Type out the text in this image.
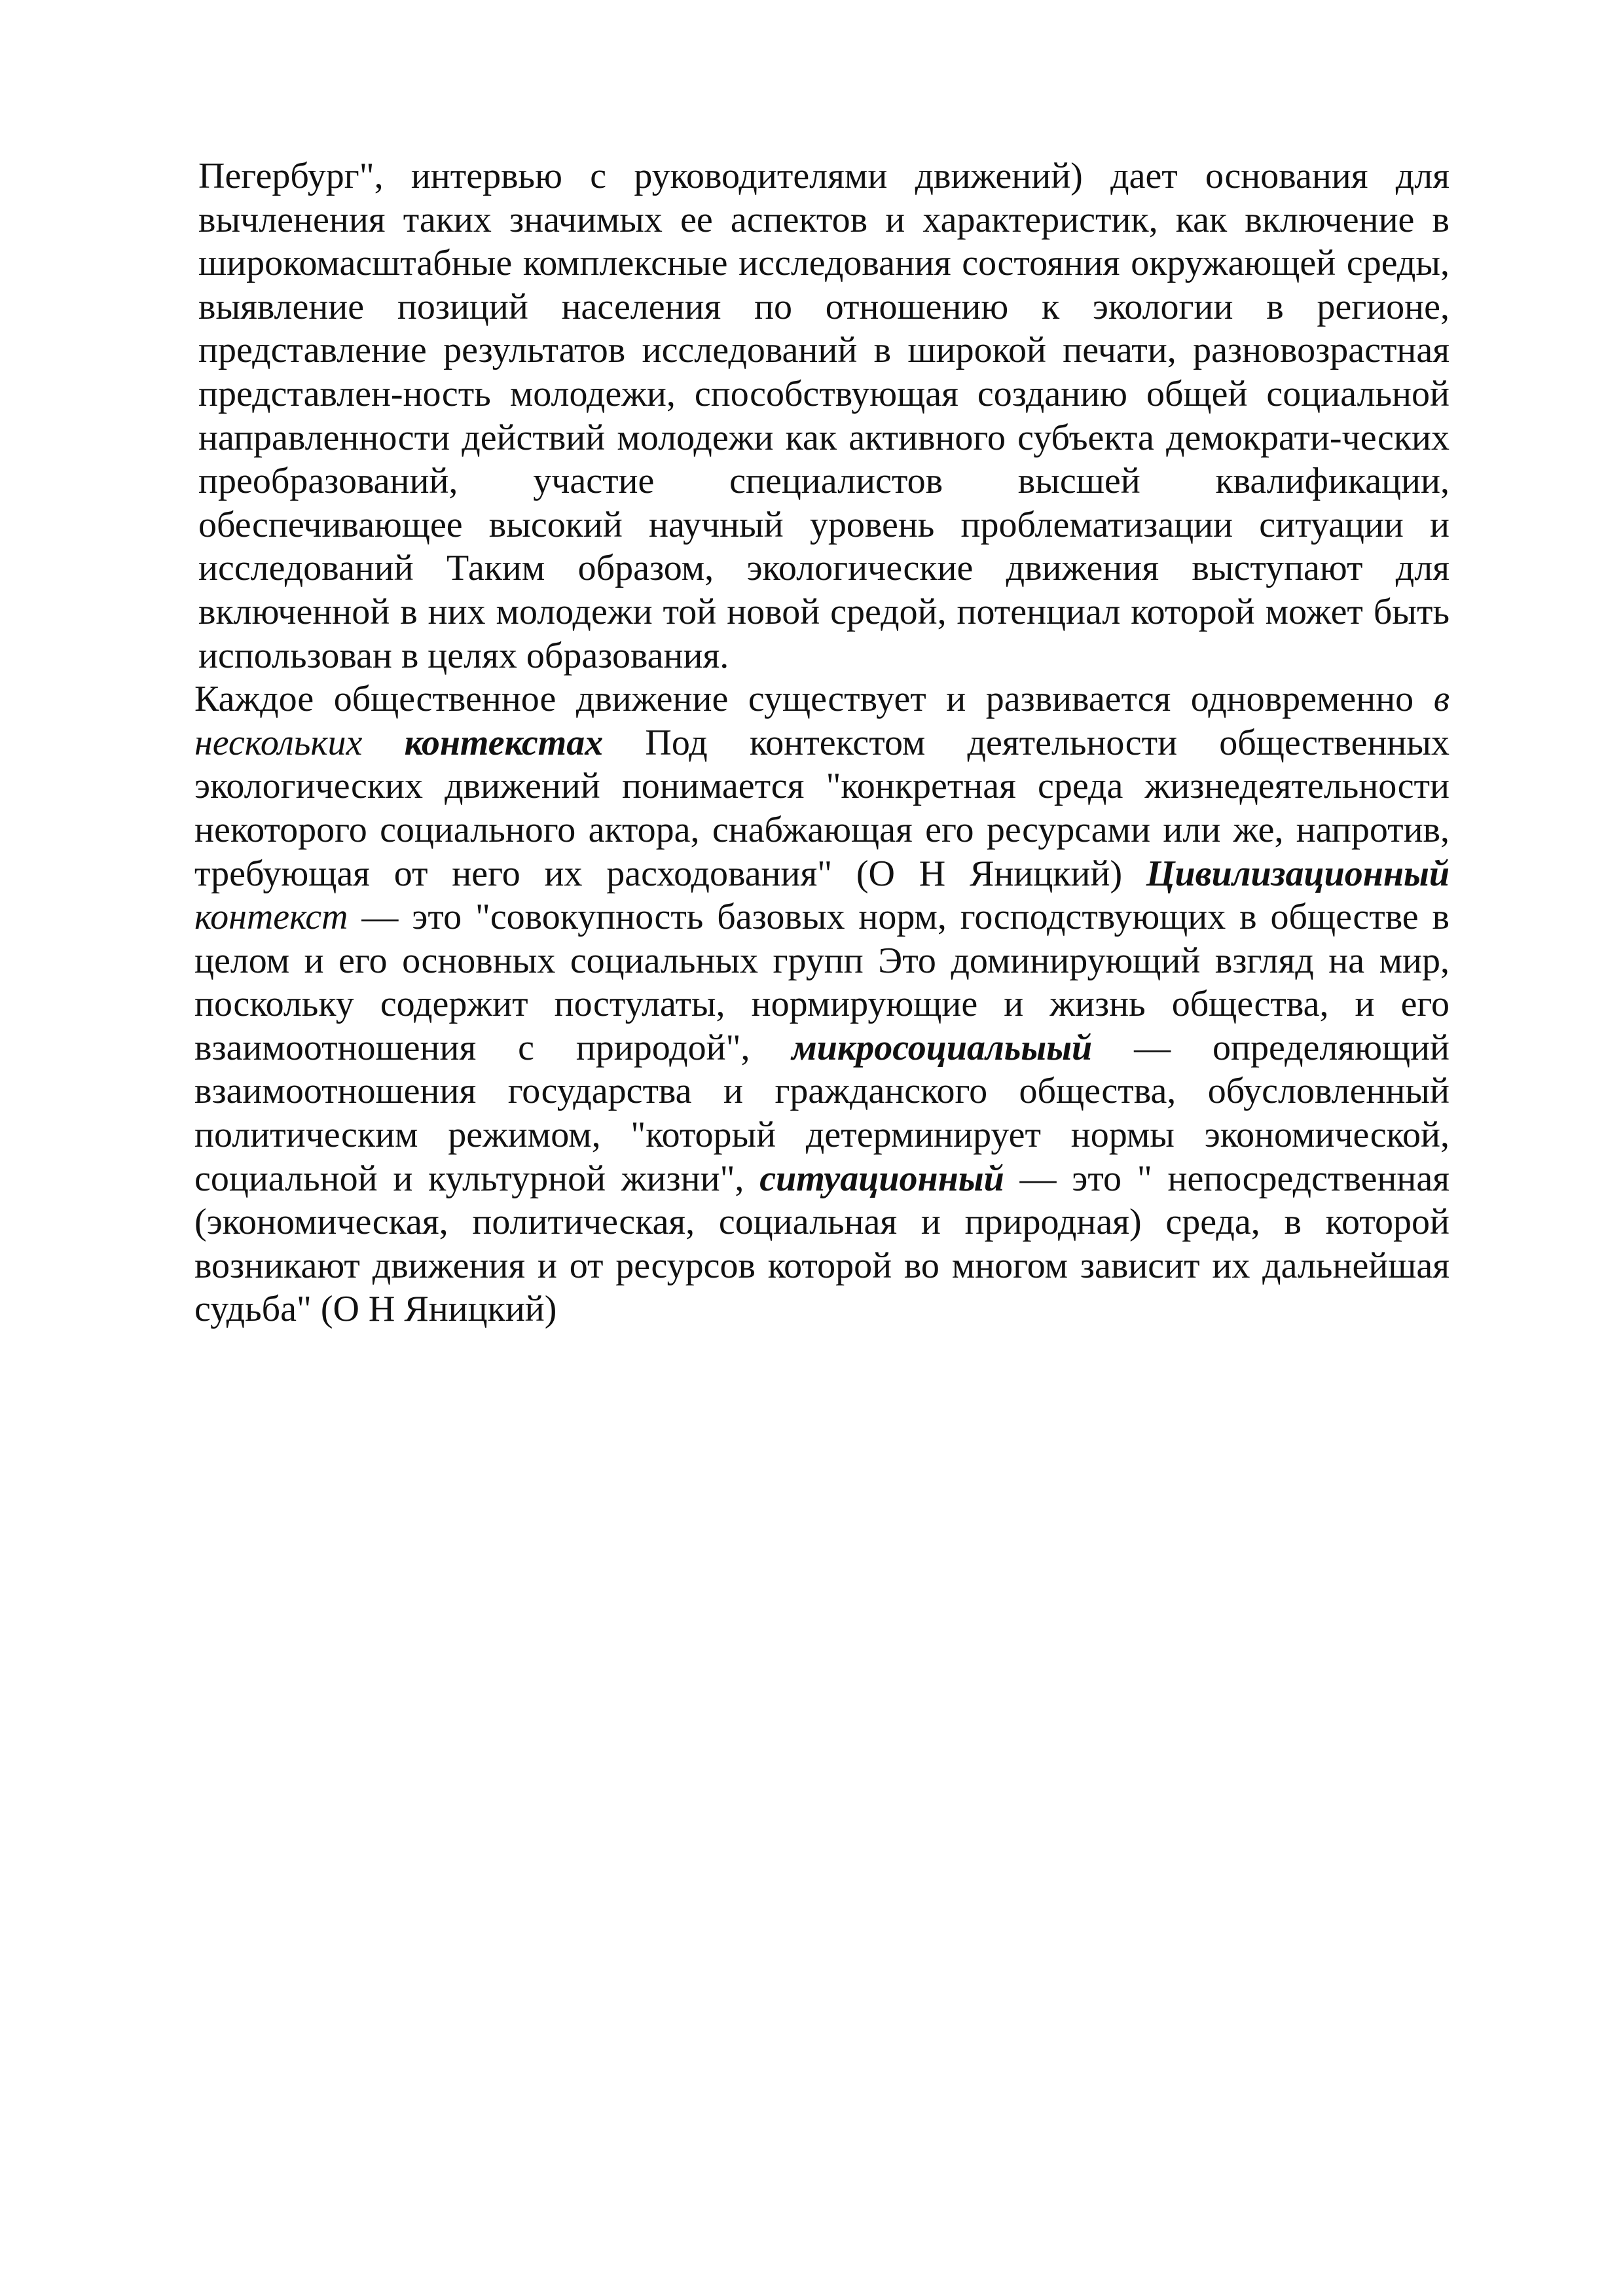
Пегербург", интервью с руководителями движений) дает основания для вычленения таких значимых ее аспектов и характеристик, как включение в широкомасштабные комплексные исследования состояния окружающей среды, выявление позиций населения по отношению к экологии в регионе, представление результатов исследований в широкой печати, разновозрастная представлен-ность молодежи, способствующая созданию общей социальной направленности действий молодежи как активного субъекта демократи-ческих преобразований, участие специалистов высшей квалификации, обеспечивающее высокий научный уровень проблематизации ситуации и исследований Таким образом, экологические движения выступают для включенной в них молодежи той новой средой, потенциал которой может быть использован в целях образования.

Каждое общественное движение существует и развивается одновременно в нескольких контекстах Под контекстом деятельности общественных экологических движений понимается "конкретная среда жизнедеятельности некоторого социального актора, снабжающая его ресурсами или же, напротив, требующая от него их расходования" (О Н Яницкий) Цивилизационный контекст — это "совокупность базовых норм, господствующих в обществе в целом и его основных социальных групп Это доминирующий взгляд на мир, поскольку содержит постулаты, нормирующие и жизнь общества, и его взаимоотношения с природой", микросоциальыый — определяющий взаимоотношения государства и гражданского общества, обусловленный политическим режимом, "который детерминирует нормы экономической, социальной и культурной жизни", ситуационный — это " непосредственная (экономическая, политическая, социальная и природная) среда, в которой возникают движения и от ресурсов которой во многом зависит их дальнейшая судьба" (О Н Яницкий)
